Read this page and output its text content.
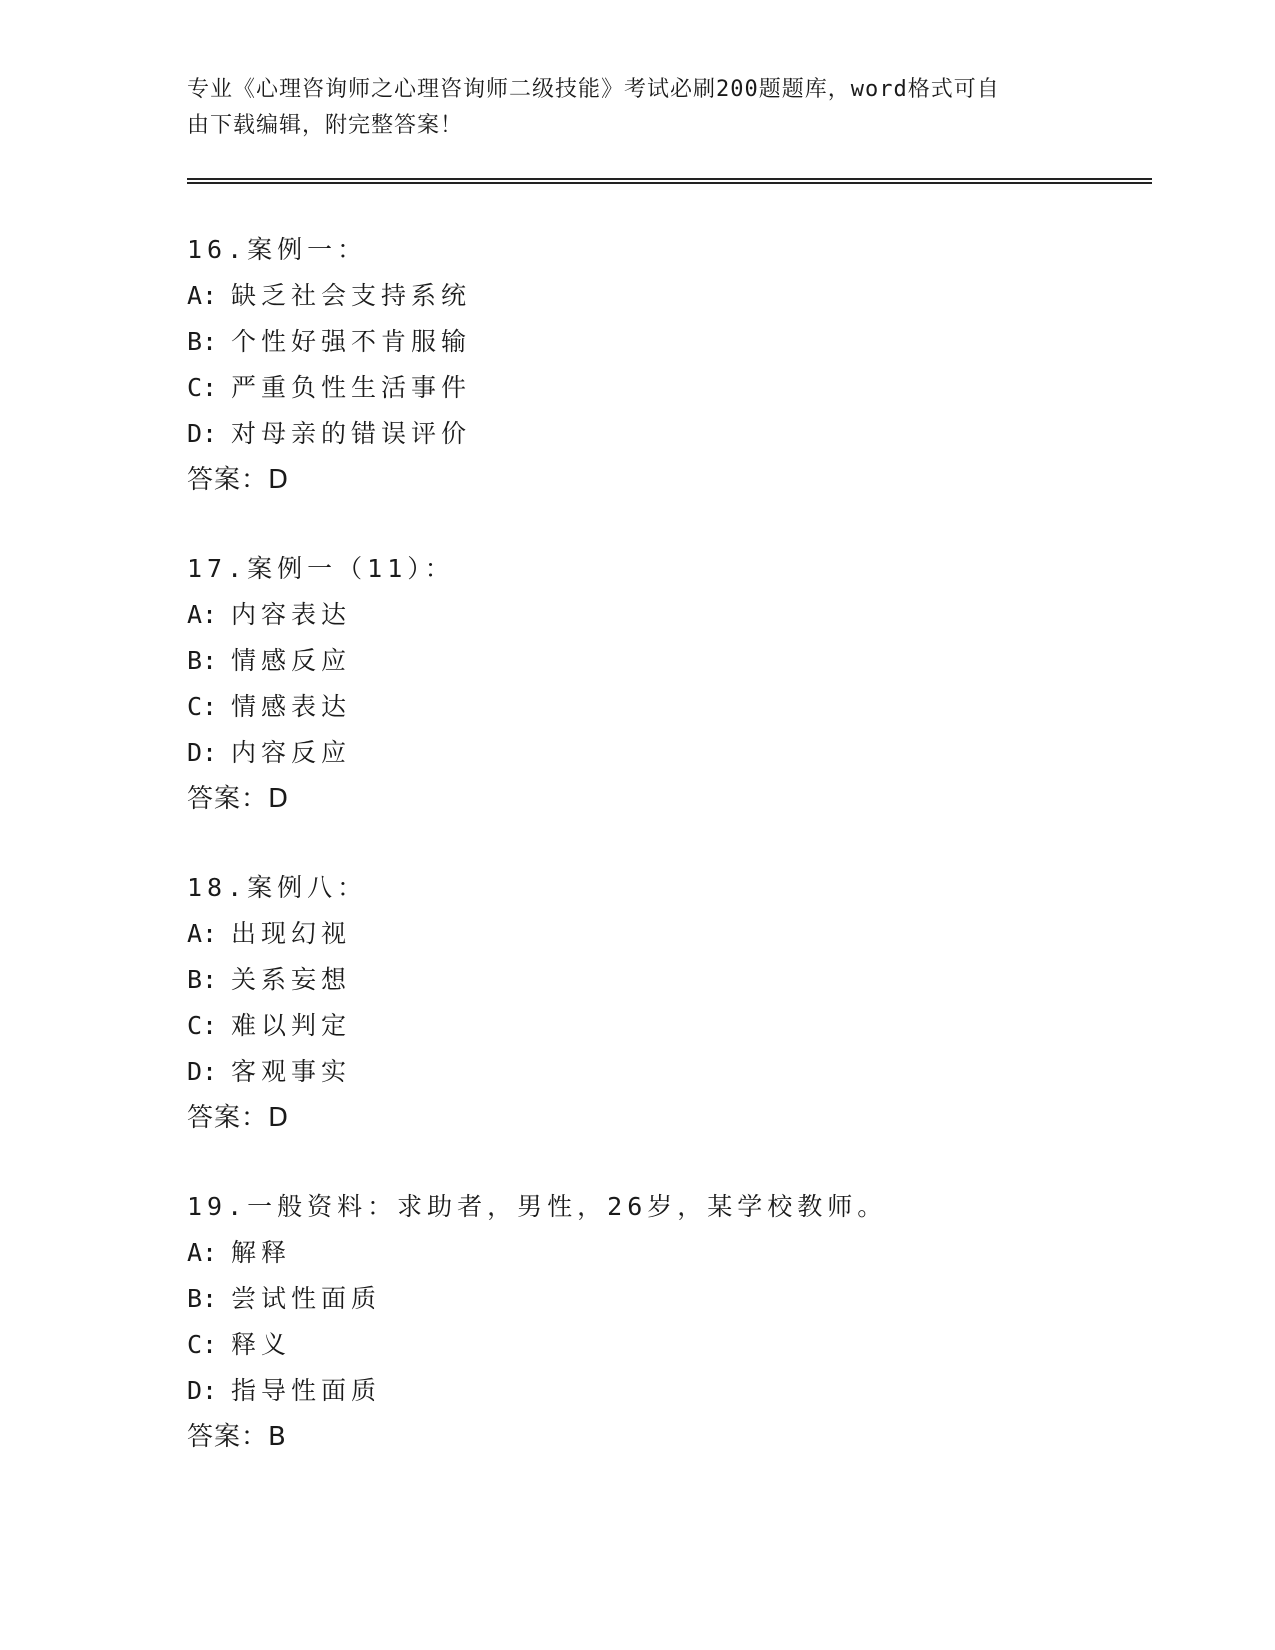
专业《心理咨询师之心理咨询师二级技能》考试必刷200题题库，word格式可自
由下载编辑，附完整答案！
16.案例一：
A: 缺乏社会支持系统
B: 个性好强不肯服输
C: 严重负性生活事件
D: 对母亲的错误评价
答案：D
17.案例一（11）：
A: 内容表达
B: 情感反应
C: 情感表达
D: 内容反应
答案：D
18.案例八：
A: 出现幻视
B: 关系妄想
C: 难以判定
D: 客观事实
答案：D
19.一般资料：求助者，男性，26岁，某学校教师。
A: 解释
B: 尝试性面质
C: 释义
D: 指导性面质
答案：B
